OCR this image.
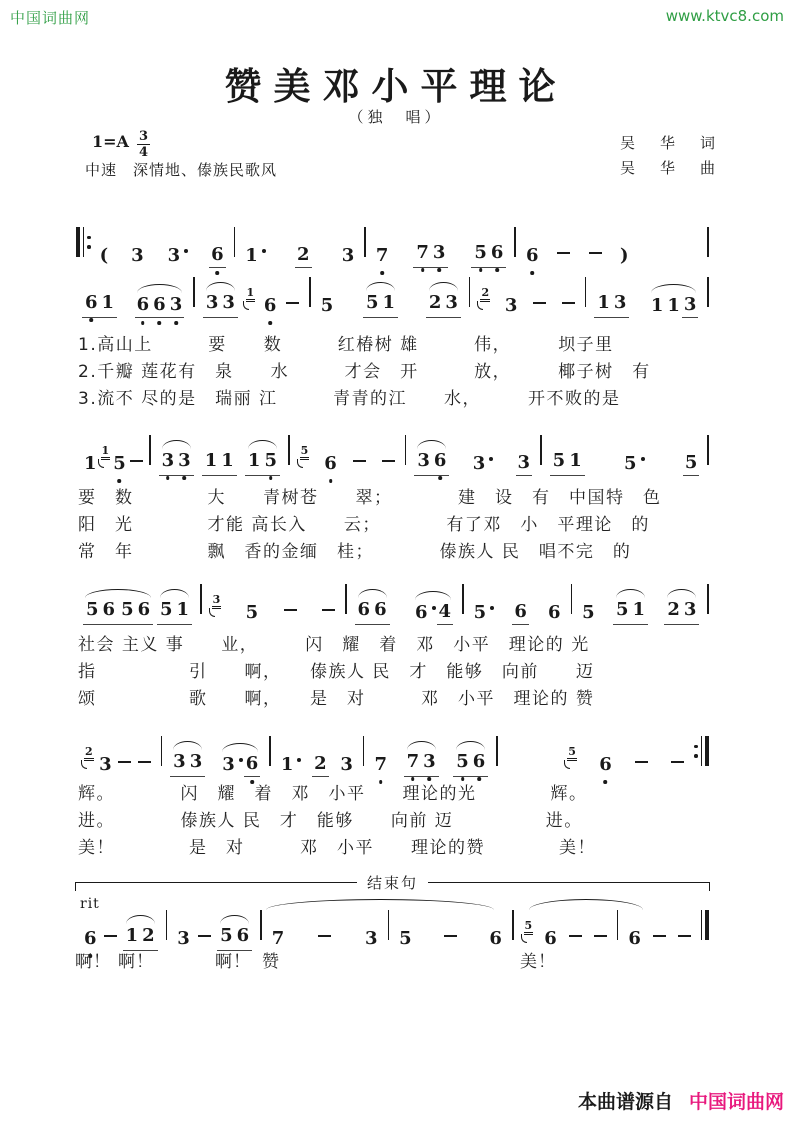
中国词曲网	www.ktvc8.com
赞美邓小平理论
（独　唱）
$1=A \frac{3}{4}$
中速　深情地、傣族民歌风
吴　华　词
吴　华　曲
( 3 3	6 1	2 3 7 7 3 5 6 6	)
6 1 6 6 3 3 3 1
6 5 5 1 2 3 2
3	1 3 1 1 3
1
1
5 3 3 1 1 1 5 5
6	3 6 3	3 5 1 5	5
5 6 5 6 5 1 3
5	6 6 6 4 5	6 6 5 5 1 2 3
2
3	3 3 3 6 1	2 3 7 7 3 5 6	5
6
6 1 2 3 5 6 7	3 5	6
5
6	6
1.高山上　　　要　　数　　　红椿树 雄　　　伟，　　　坝子里
2.千瓣 莲花有　泉　　水　　　才会　开　　　放，　　　椰子树　有
3.流不 尽的是　瑞丽 江　　　青青的江　　水，　　　开不败的是
要　数　　　　大　　青树苍　　翠；　　　　建　设　有　中国特　色
阳　光　　　　才能 高长入　　云；　　　　有了邓　小　平理论　的
常　年　　　　飘　香的金缅　桂；　　　　傣族人 民　唱不完　的
社会 主义 事　　业，　　　闪　耀　着　邓　小平　理论的 光
指　　　　　引　　啊，　　傣族人 民　才　能够　向前　　迈
颂　　　　　歌　　啊，　　是　对　　　邓　小平　理论的 赞
辉。　　　　闪　耀　着　邓　小平　　理论的光　　　　辉。
进。　　　　傣族人 民　才　能够　　向前 迈　　　　　进。
美！　　　　是　对　　　邓　小平　　理论的赞　　　　美！
啊！ 啊！	啊！ 赞	美！
结束句
rit
本曲谱源自 中国词曲网
